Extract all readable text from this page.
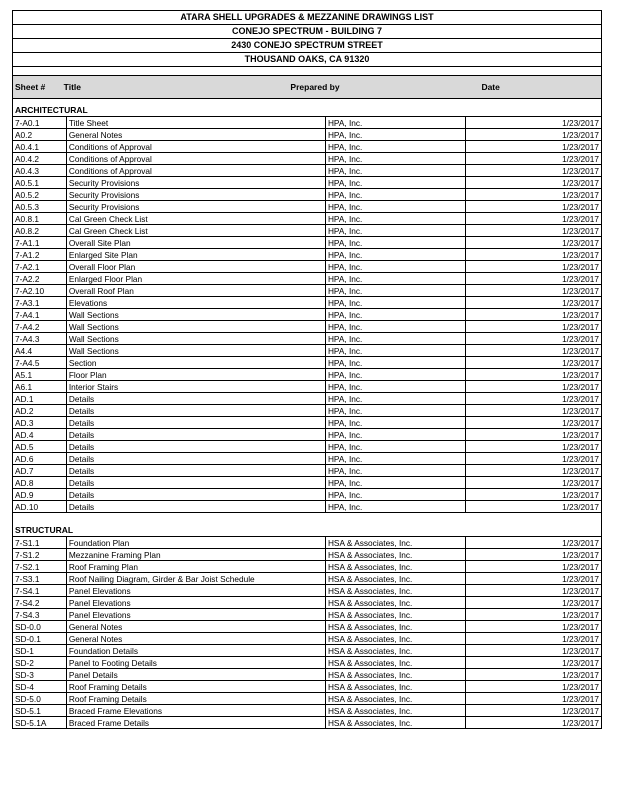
ATARA SHELL UPGRADES & MEZZANINE DRAWINGS LIST
CONEJO SPECTRUM - BUILDING 7
2430 CONEJO SPECTRUM STREET
THOUSAND OAKS, CA 91320
Sheet #	Title	Prepared by	Date
ARCHITECTURAL
7-A0.1	Title Sheet	HPA, Inc.	1/23/2017
A0.2	General Notes	HPA, Inc.	1/23/2017
A0.4.1	Conditions of Approval	HPA, Inc.	1/23/2017
A0.4.2	Conditions of Approval	HPA, Inc.	1/23/2017
A0.4.3	Conditions of Approval	HPA, Inc.	1/23/2017
A0.5.1	Security Provisions	HPA, Inc.	1/23/2017
A0.5.2	Security Provisions	HPA, Inc.	1/23/2017
A0.5.3	Security Provisions	HPA, Inc.	1/23/2017
A0.8.1	Cal Green Check List	HPA, Inc.	1/23/2017
A0.8.2	Cal Green Check List	HPA, Inc.	1/23/2017
7-A1.1	Overall Site Plan	HPA, Inc.	1/23/2017
7-A1.2	Enlarged Site Plan	HPA, Inc.	1/23/2017
7-A2.1	Overall Floor Plan	HPA, Inc.	1/23/2017
7-A2.2	Enlarged Floor Plan	HPA, Inc.	1/23/2017
7-A2.10	Overall Roof Plan	HPA, Inc.	1/23/2017
7-A3.1	Elevations	HPA, Inc.	1/23/2017
7-A4.1	Wall Sections	HPA, Inc.	1/23/2017
7-A4.2	Wall Sections	HPA, Inc.	1/23/2017
7-A4.3	Wall Sections	HPA, Inc.	1/23/2017
A4.4	Wall Sections	HPA, Inc.	1/23/2017
7-A4.5	Section	HPA, Inc.	1/23/2017
A5.1	Floor Plan	HPA, Inc.	1/23/2017
A6.1	Interior Stairs	HPA, Inc.	1/23/2017
AD.1	Details	HPA, Inc.	1/23/2017
AD.2	Details	HPA, Inc.	1/23/2017
AD.3	Details	HPA, Inc.	1/23/2017
AD.4	Details	HPA, Inc.	1/23/2017
AD.5	Details	HPA, Inc.	1/23/2017
AD.6	Details	HPA, Inc.	1/23/2017
AD.7	Details	HPA, Inc.	1/23/2017
AD.8	Details	HPA, Inc.	1/23/2017
AD.9	Details	HPA, Inc.	1/23/2017
AD.10	Details	HPA, Inc.	1/23/2017
STRUCTURAL
7-S1.1	Foundation Plan	HSA & Associates, Inc.	1/23/2017
7-S1.2	Mezzanine Framing Plan	HSA & Associates, Inc.	1/23/2017
7-S2.1	Roof Framing Plan	HSA & Associates, Inc.	1/23/2017
7-S3.1	Roof Nailing Diagram, Girder & Bar Joist Schedule	HSA & Associates, Inc.	1/23/2017
7-S4.1	Panel Elevations	HSA & Associates, Inc.	1/23/2017
7-S4.2	Panel Elevations	HSA & Associates, Inc.	1/23/2017
7-S4.3	Panel Elevations	HSA & Associates, Inc.	1/23/2017
SD-0.0	General Notes	HSA & Associates, Inc.	1/23/2017
SD-0.1	General Notes	HSA & Associates, Inc.	1/23/2017
SD-1	Foundation Details	HSA & Associates, Inc.	1/23/2017
SD-2	Panel to Footing Details	HSA & Associates, Inc.	1/23/2017
SD-3	Panel Details	HSA & Associates, Inc.	1/23/2017
SD-4	Roof Framing Details	HSA & Associates, Inc.	1/23/2017
SD-5.0	Roof Framing Details	HSA & Associates, Inc.	1/23/2017
SD-5.1	Braced Frame Elevations	HSA & Associates, Inc.	1/23/2017
SD-5.1A	Braced Frame Details	HSA & Associates, Inc.	1/23/2017
